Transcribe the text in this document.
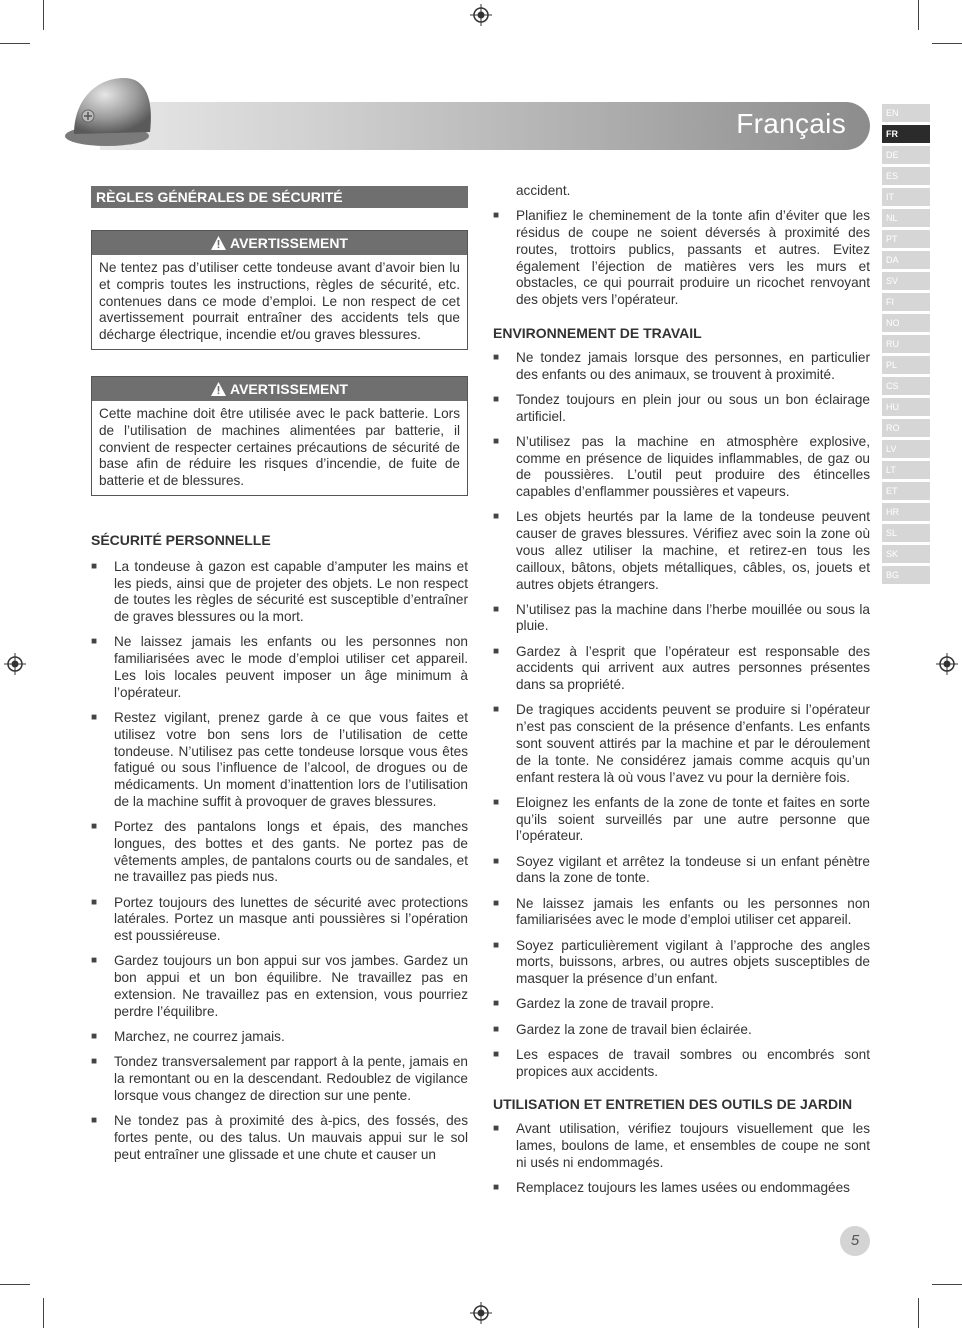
Français	EN
FR
DE
ES
IT
NL
PT
DA
SV
FI
NO
RU
PL
CS
HU
RO
LV
LT
ET
HR
SL
SK
BG
RÈGLES GÉNÉRALES DE SÉCURITÉ
AVERTISSEMENT
Ne tentez pas d’utiliser cette tondeuse avant d’avoir bien lu et compris toutes les instructions, règles de sécurité, etc. contenues dans ce mode d’emploi. Le non respect de cet avertissement pourrait entraîner des accidents tels que décharge électrique, incendie et/ou graves blessures.
AVERTISSEMENT
Cette machine doit être utilisée avec le pack batterie. Lors de l’utilisation de machines alimentées par batterie, il convient de respecter certaines précautions de sécurité de base afin de réduire les risques d’incendie, de fuite de batterie et de blessures.
SÉCURITÉ PERSONNELLE
■ La tondeuse à gazon est capable d’amputer les mains et les pieds, ainsi que de projeter des objets. Le non respect de toutes les règles de sécurité est susceptible d’entraîner de graves blessures ou la mort.
■ Ne laissez jamais les enfants ou les personnes non familiarisées avec le mode d’emploi utiliser cet appareil. Les lois locales peuvent imposer un âge minimum à l’opérateur.
■ Restez vigilant, prenez garde à ce que vous faites et utilisez votre bon sens lors de l’utilisation de cette tondeuse. N’utilisez pas cette tondeuse lorsque vous êtes fatigué ou sous l’influence de l’alcool, de drogues ou de médicaments. Un moment d’inattention lors de l’utilisation de la machine suffit à provoquer de graves blessures.
■ Portez des pantalons longs et épais, des manches longues, des bottes et des gants. Ne portez pas de vêtements amples, de pantalons courts ou de sandales, et ne travaillez pas pieds nus.
■ Portez toujours des lunettes de sécurité avec protections latérales. Portez un masque anti poussières si l’opération est poussiéreuse.
■ Gardez toujours un bon appui sur vos jambes. Gardez un bon appui et un bon équilibre. Ne travaillez pas en extension. Ne travaillez pas en extension, vous pourriez perdre l’équilibre.
■ Marchez, ne courrez jamais.
■ Tondez transversalement par rapport à la pente, jamais en la remontant ou en la descendant. Redoublez de vigilance lorsque vous changez de direction sur une pente.
■ Ne tondez pas à proximité des à-pics, des fossés, des fortes pente, ou des talus. Un mauvais appui sur le sol peut entraîner une glissade et une chute et causer un
accident.
■ Planifiez le cheminement de la tonte afin d’éviter que les résidus de coupe ne soient déversés à proximité des routes, trottoirs publics, passants et autres. Evitez également l’éjection de matières vers les murs et obstacles, ce qui pourrait produire un ricochet renvoyant des objets vers l’opérateur.
ENVIRONNEMENT DE TRAVAIL
■ Ne tondez jamais lorsque des personnes, en particulier des enfants ou des animaux, se trouvent à proximité.
■ Tondez toujours en plein jour ou sous un bon éclairage artificiel.
■ N’utilisez pas la machine en atmosphère explosive, comme en présence de liquides inflammables, de gaz ou de poussières. L’outil peut produire des étincelles capables d’enflammer poussières et vapeurs.
■ Les objets heurtés par la lame de la tondeuse peuvent causer de graves blessures. Vérifiez avec soin la zone où vous allez utiliser la machine, et retirez-en tous les cailloux, bâtons, objets métalliques, câbles, os, jouets et autres objets étrangers.
■ N’utilisez pas la machine dans l’herbe mouillée ou sous la pluie.
■ Gardez à l’esprit que l’opérateur est responsable des accidents qui arrivent aux autres personnes présentes dans sa propriété.
■ De tragiques accidents peuvent se produire si l’opérateur n’est pas conscient de la présence d’enfants. Les enfants sont souvent attirés par la machine et par le déroulement de la tonte. Ne considérez jamais comme acquis qu’un enfant restera là où vous l’avez vu pour la dernière fois.
■ Eloignez les enfants de la zone de tonte et faites en sorte qu’ils soient surveillés par une autre personne que l’opérateur.
■ Soyez vigilant et arrêtez la tondeuse si un enfant pénètre dans la zone de tonte.
■ Ne laissez jamais les enfants ou les personnes non familiarisées avec le mode d’emploi utiliser cet appareil.
■ Soyez particulièrement vigilant à l’approche des angles morts, buissons, arbres, ou autres objets susceptibles de masquer la présence d’un enfant.
■ Gardez la zone de travail propre.
■ Gardez la zone de travail bien éclairée.
■ Les espaces de travail sombres ou encombrés sont propices aux accidents.
UTILISATION ET ENTRETIEN DES OUTILS DE JARDIN
■ Avant utilisation, vérifiez toujours visuellement que les lames, boulons de lame, et ensembles de coupe ne sont ni usés ni endommagés.
■ Remplacez toujours les lames usées ou endommagées
5
